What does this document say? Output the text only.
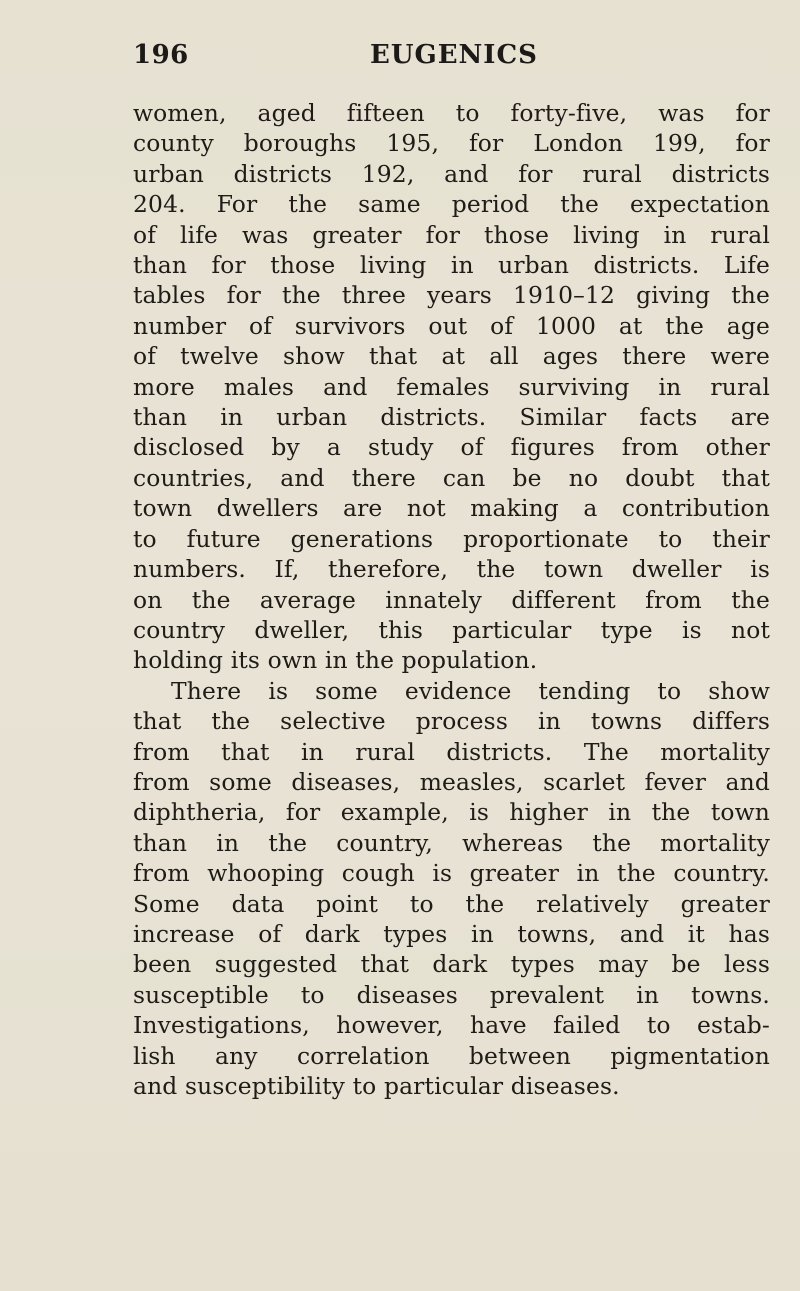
196	EUGENICS

women, aged fifteen to forty-five, was for
county boroughs 195, for London 199, for
urban districts 192, and for rural districts
204. For the same period the expectation
of life was greater for those living in rural
than for those living in urban districts. Life
tables for the three years 1910–12 giving the
number of survivors out of 1000 at the age
of twelve show that at all ages there were
more males and females surviving in rural
than in urban districts. Similar facts are
disclosed by a study of figures from other
countries, and there can be no doubt that
town dwellers are not making a contribution
to future generations proportionate to their
numbers. If, therefore, the town dweller is
on the average innately different from the
country dweller, this particular type is not
holding its own in the population.

There is some evidence tending to show
that the selective process in towns differs
from that in rural districts. The mortality
from some diseases, measles, scarlet fever and
diphtheria, for example, is higher in the town
than in the country, whereas the mortality
from whooping cough is greater in the country.
Some data point to the relatively greater
increase of dark types in towns, and it has
been suggested that dark types may be less
susceptible to diseases prevalent in towns.
Investigations, however, have failed to estab-
lish any correlation between pigmentation
and susceptibility to particular diseases.
